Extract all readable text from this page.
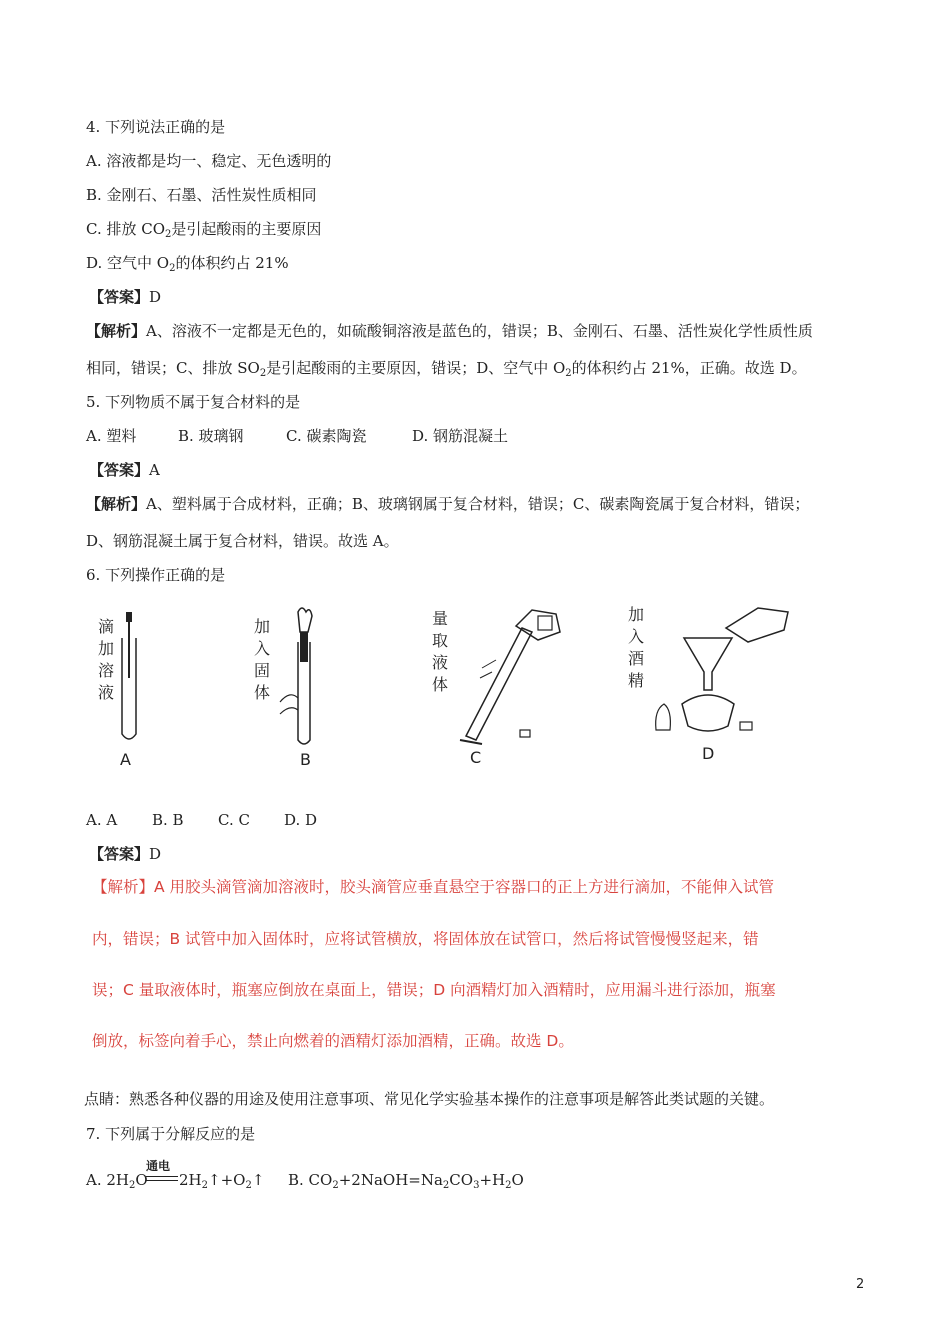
4. 下列说法正确的是
A. 溶液都是均一、稳定、无色透明的
B. 金刚石、石墨、活性炭性质相同
C. 排放 $CO_2$是引起酸雨的主要原因
D. 空气中 $O_2$的体积约占 21%
【答案】D
【解析】A、溶液不一定都是无色的，如硫酸铜溶液是蓝色的，错误；B、金刚石、石墨、活性炭化学性质性质
相同，错误；C、排放 $SO_2$是引起酸雨的主要原因，错误；D、空气中 $O_2$的体积约占 21%，正确。故选 D。
5. 下列物质不属于复合材料的是
A. 塑料	B. 玻璃钢	C. 碳素陶瓷	D. 钢筋混凝土
【答案】A
【解析】A、塑料属于合成材料，正确；B、玻璃钢属于复合材料，错误；C、碳素陶瓷属于复合材料，错误；
D、钢筋混凝土属于复合材料，错误。故选 A。
6. 下列操作正确的是
滴加溶液
A
加入固体
B
量取液体
C
加入酒精
D
A. A B. B C. C D. D
【答案】D
【解析】A 用胶头滴管滴加溶液时，胶头滴管应垂直悬空于容器口的正上方进行滴加，不能伸入试管
内，错误；B 试管中加入固体时，应将试管横放，将固体放在试管口，然后将试管慢慢竖起来，错
误；C 量取液体时，瓶塞应倒放在桌面上，错误；D 向酒精灯加入酒精时，应用漏斗进行添加，瓶塞
倒放，标签向着手心，禁止向燃着的酒精灯添加酒精，正确。故选 D。
点睛：熟悉各种仪器的用途及使用注意事项、常见化学实验基本操作的注意事项是解答此类试题的关键。
7. 下列属于分解反应的是
A. $2H_2O$
通电
$2H_2↑+O_2↑$ B. $CO_2+2NaOH=Na_2CO_3+H_2O$
2
